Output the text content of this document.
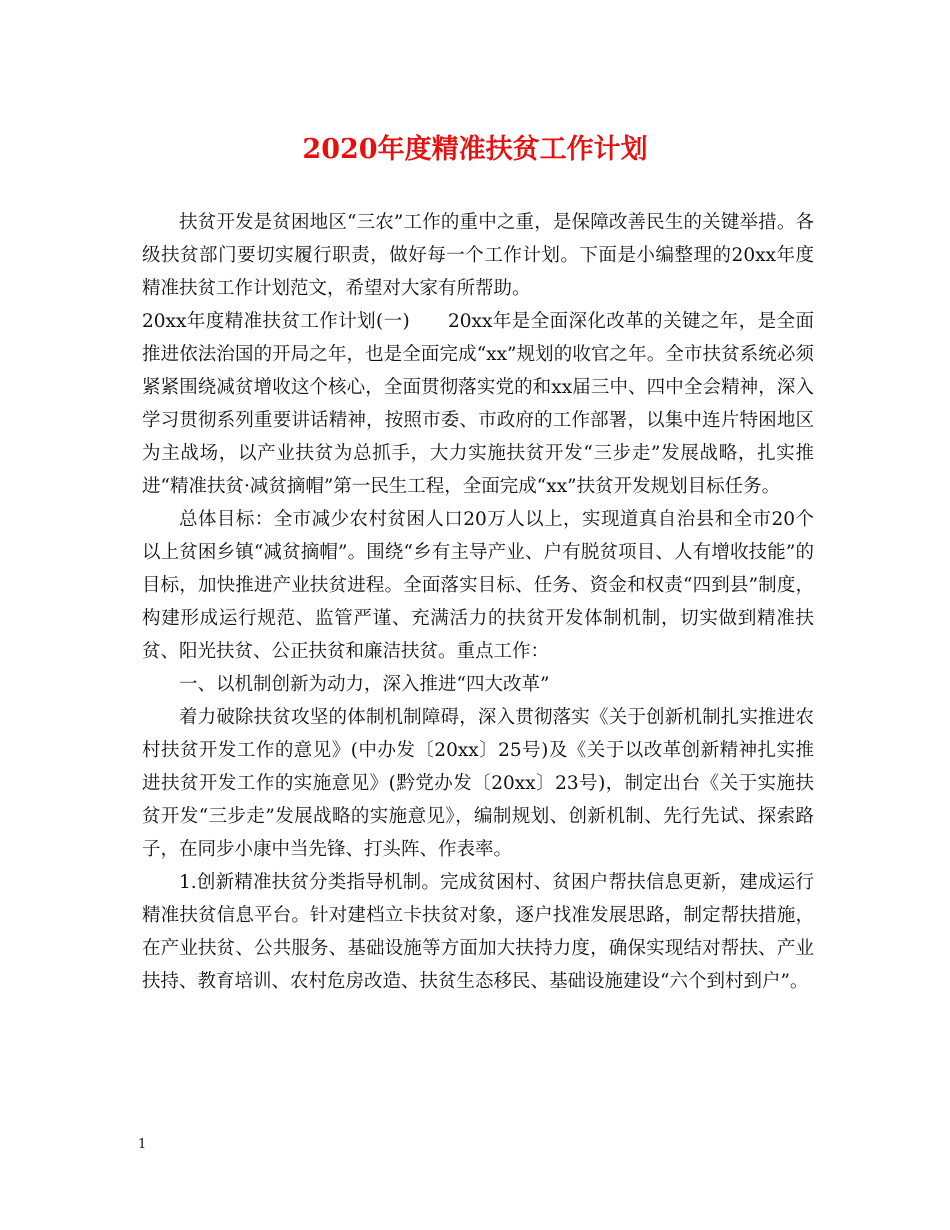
2020年度精准扶贫工作计划

扶贫开发是贫困地区“三农”工作的重中之重，是保障改善民生的关键举措。各级扶贫部门要切实履行职责，做好每一个工作计划。下面是小编整理的20xx年度精准扶贫工作计划范文，希望对大家有所帮助。

20xx年度精准扶贫工作计划(一)　　20xx年是全面深化改革的关键之年，是全面推进依法治国的开局之年，也是全面完成“xx”规划的收官之年。全市扶贫系统必须紧紧围绕减贫增收这个核心，全面贯彻落实党的和xx届三中、四中全会精神，深入学习贯彻系列重要讲话精神，按照市委、市政府的工作部署，以集中连片特困地区为主战场，以产业扶贫为总抓手，大力实施扶贫开发“三步走”发展战略，扎实推进“精准扶贫·减贫摘帽”第一民生工程，全面完成“xx”扶贫开发规划目标任务。

总体目标：全市减少农村贫困人口20万人以上，实现道真自治县和全市20个以上贫困乡镇“减贫摘帽”。围绕“乡有主导产业、户有脱贫项目、人有增收技能”的目标，加快推进产业扶贫进程。全面落实目标、任务、资金和权责“四到县”制度，构建形成运行规范、监管严谨、充满活力的扶贫开发体制机制，切实做到精准扶贫、阳光扶贫、公正扶贫和廉洁扶贫。重点工作：

一、以机制创新为动力，深入推进“四大改革”

着力破除扶贫攻坚的体制机制障碍，深入贯彻落实《关于创新机制扎实推进农村扶贫开发工作的意见》(中办发〔20xx〕25号)及《关于以改革创新精神扎实推进扶贫开发工作的实施意见》(黔党办发〔20xx〕23号)，制定出台《关于实施扶贫开发“三步走”发展战略的实施意见》，编制规划、创新机制、先行先试、探索路子，在同步小康中当先锋、打头阵、作表率。

1.创新精准扶贫分类指导机制。完成贫困村、贫困户帮扶信息更新，建成运行精准扶贫信息平台。针对建档立卡扶贫对象，逐户找准发展思路，制定帮扶措施，在产业扶贫、公共服务、基础设施等方面加大扶持力度，确保实现结对帮扶、产业扶持、教育培训、农村危房改造、扶贫生态移民、基础设施建设“六个到村到户”。

1
